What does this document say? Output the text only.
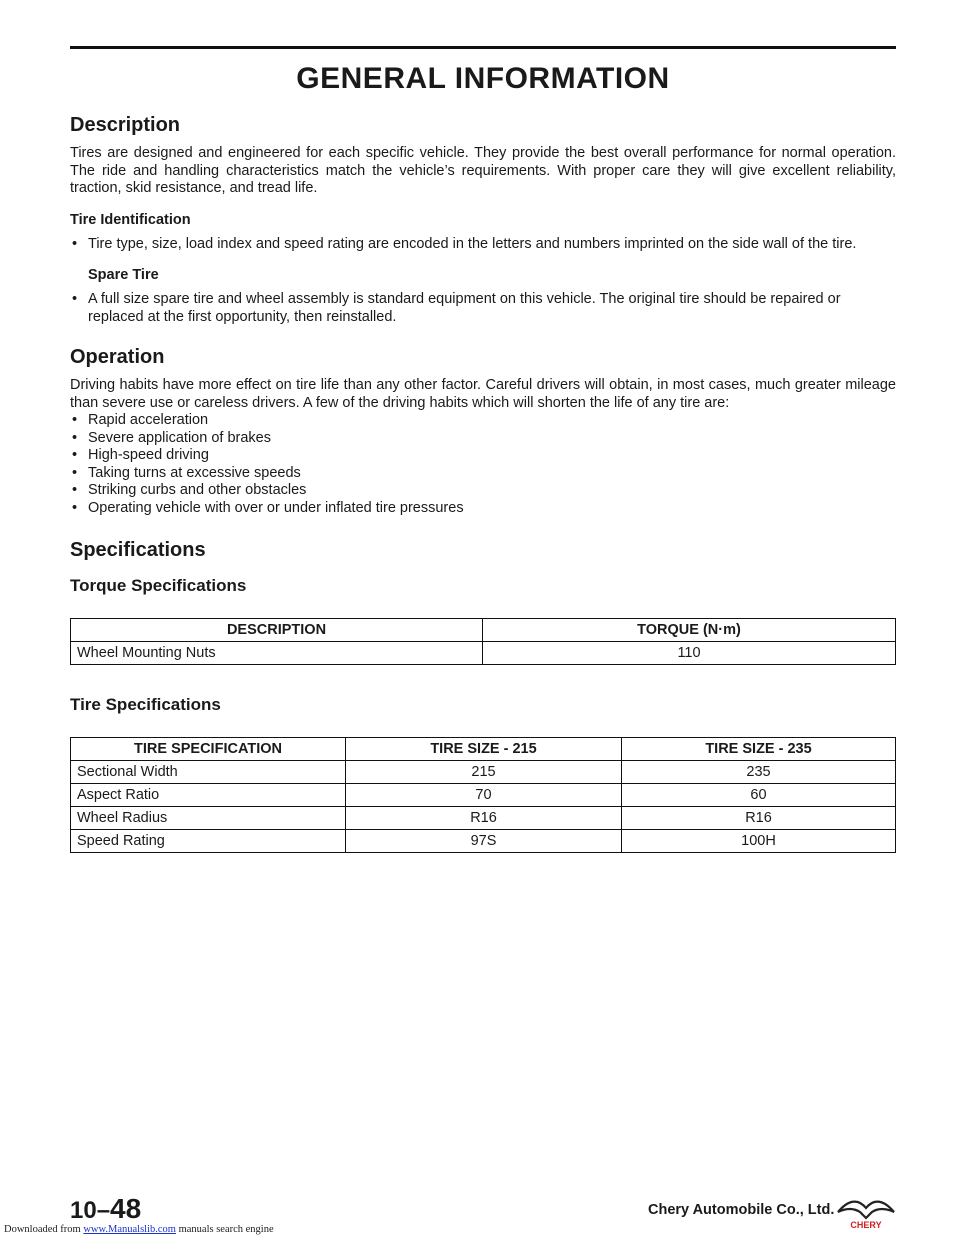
GENERAL INFORMATION
Description

Tires are designed and engineered for each specific vehicle. They provide the best overall performance for normal operation. The ride and handling characteristics match the vehicle’s requirements. With proper care they will give excellent reliability, traction, skid resistance, and tread life.

Tire Identification
• Tire type, size, load index and speed rating are encoded in the letters and numbers imprinted on the side wall of the tire.
Spare Tire
• A full size spare tire and wheel assembly is standard equipment on this vehicle. The original tire should be repaired or replaced at the first opportunity, then reinstalled.
Operation

Driving habits have more effect on tire life than any other factor. Careful drivers will obtain, in most cases, much greater mileage than severe use or careless drivers. A few of the driving habits which will shorten the life of any tire are:

• Rapid acceleration
• Severe application of brakes
• High-speed driving
• Taking turns at excessive speeds
• Striking curbs and other obstacles
• Operating vehicle with over or under inflated tire pressures
Specifications
Torque Specifications
DESCRIPTION	TORQUE (N·m)
Wheel Mounting Nuts	110
Tire Specifications
TIRE SPECIFICATION	TIRE SIZE - 215	TIRE SIZE - 235
Sectional Width	215	235
Aspect Ratio	70	60
Wheel Radius	R16	R16
Speed Rating	97S	100H
10–48	Chery Automobile Co., Ltd.
CHERY
Downloaded from www.Manualslib.com manuals search engine
